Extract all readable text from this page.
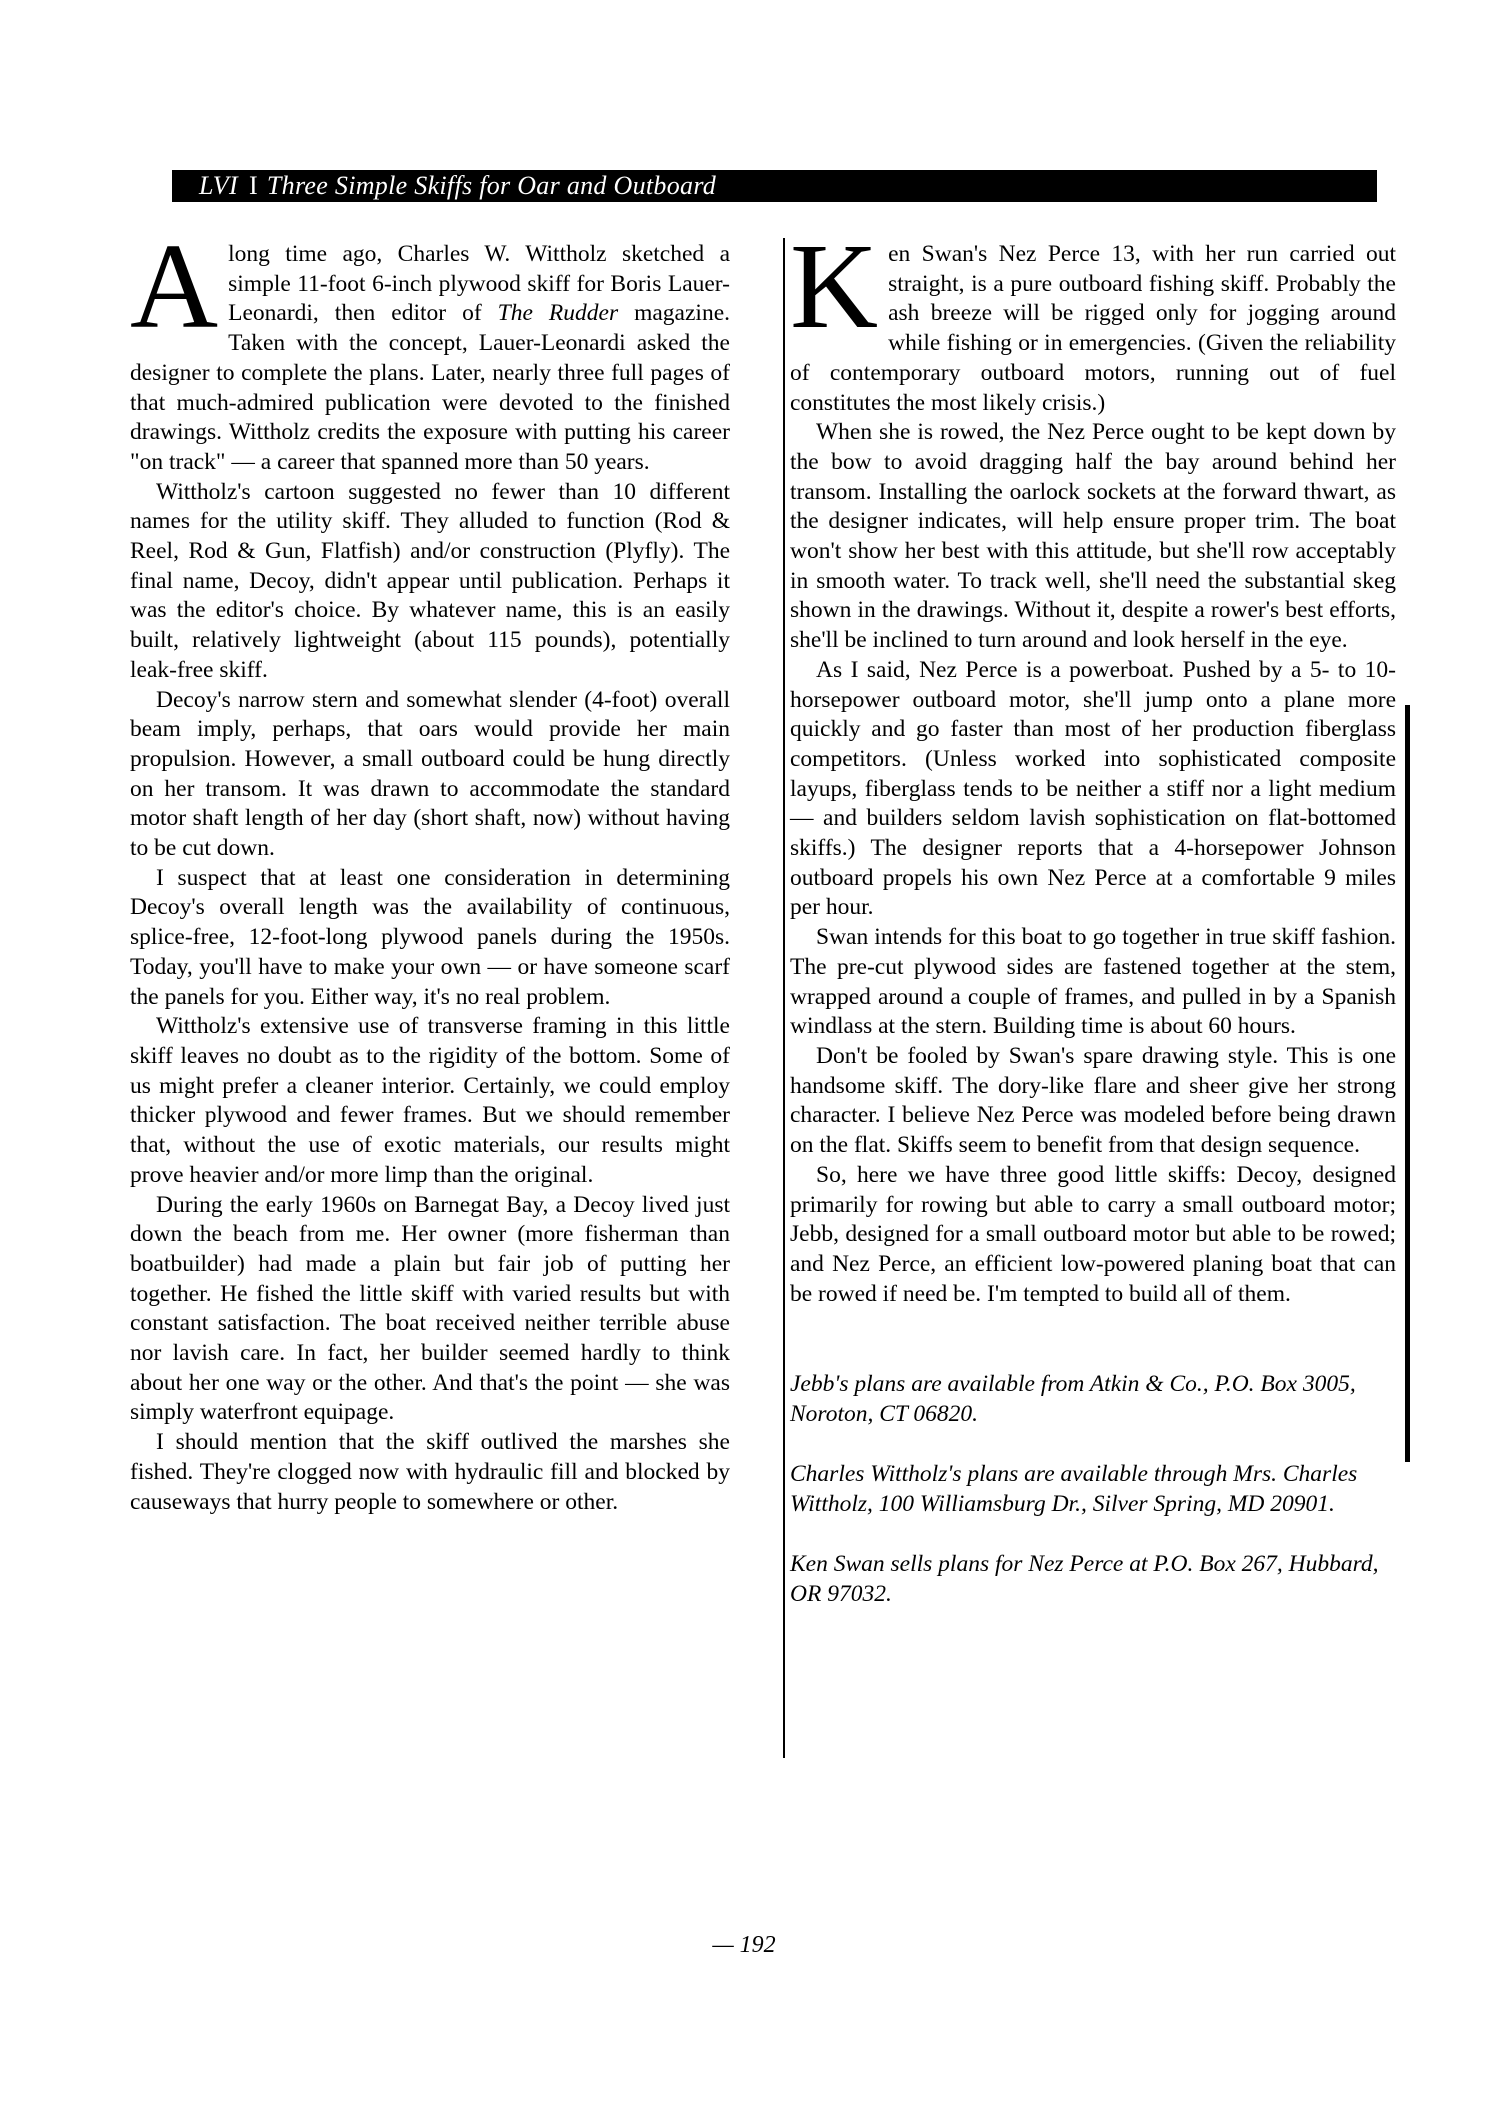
LVI I Three Simple Skiffs for Oar and Outboard

Along time ago, Charles W. Wittholz sketched a simple 11-foot 6-inch plywood skiff for Boris Lauer-Leonardi, then editor of The Rudder magazine. Taken with the concept, Lauer-Leonardi asked the designer to complete the plans. Later, nearly three full pages of that much-admired publication were devoted to the finished drawings. Wittholz credits the exposure with putting his career "on track" — a career that spanned more than 50 years.

Wittholz's cartoon suggested no fewer than 10 different names for the utility skiff. They alluded to function (Rod & Reel, Rod & Gun, Flatfish) and/or construction (Plyfly). The final name, Decoy, didn't appear until publication. Perhaps it was the editor's choice. By whatever name, this is an easily built, relatively lightweight (about 115 pounds), potentially leak-free skiff.

Decoy's narrow stern and somewhat slender (4-foot) overall beam imply, perhaps, that oars would provide her main propulsion. However, a small outboard could be hung directly on her transom. It was drawn to accommodate the standard motor shaft length of her day (short shaft, now) without having to be cut down.

I suspect that at least one consideration in determining Decoy's overall length was the availability of continuous, splice-free, 12-foot-long plywood panels during the 1950s. Today, you'll have to make your own — or have someone scarf the panels for you. Either way, it's no real problem.

Wittholz's extensive use of transverse framing in this little skiff leaves no doubt as to the rigidity of the bottom. Some of us might prefer a cleaner interior. Certainly, we could employ thicker plywood and fewer frames. But we should remember that, without the use of exotic materials, our results might prove heavier and/or more limp than the original.

During the early 1960s on Barnegat Bay, a Decoy lived just down the beach from me. Her owner (more fisherman than boatbuilder) had made a plain but fair job of putting her together. He fished the little skiff with varied results but with constant satisfaction. The boat received neither terrible abuse nor lavish care. In fact, her builder seemed hardly to think about her one way or the other. And that's the point — she was simply waterfront equipage.

I should mention that the skiff outlived the marshes she fished. They're clogged now with hydraulic fill and blocked by causeways that hurry people to somewhere or other.

Ken Swan's Nez Perce 13, with her run carried out straight, is a pure outboard fishing skiff. Probably the ash breeze will be rigged only for jogging around while fishing or in emergencies. (Given the reliability of contemporary outboard motors, running out of fuel constitutes the most likely crisis.)

When she is rowed, the Nez Perce ought to be kept down by the bow to avoid dragging half the bay around behind her transom. Installing the oarlock sockets at the forward thwart, as the designer indicates, will help ensure proper trim. The boat won't show her best with this attitude, but she'll row acceptably in smooth water. To track well, she'll need the substantial skeg shown in the drawings. Without it, despite a rower's best efforts, she'll be inclined to turn around and look herself in the eye.

As I said, Nez Perce is a powerboat. Pushed by a 5- to 10-horsepower outboard motor, she'll jump onto a plane more quickly and go faster than most of her production fiberglass competitors. (Unless worked into sophisticated composite layups, fiberglass tends to be neither a stiff nor a light medium — and builders seldom lavish sophistication on flat-bottomed skiffs.) The designer reports that a 4-horsepower Johnson outboard propels his own Nez Perce at a comfortable 9 miles per hour.

Swan intends for this boat to go together in true skiff fashion. The pre-cut plywood sides are fastened together at the stem, wrapped around a couple of frames, and pulled in by a Spanish windlass at the stern. Building time is about 60 hours.

Don't be fooled by Swan's spare drawing style. This is one handsome skiff. The dory-like flare and sheer give her strong character. I believe Nez Perce was modeled before being drawn on the flat. Skiffs seem to benefit from that design sequence.

So, here we have three good little skiffs: Decoy, designed primarily for rowing but able to carry a small outboard motor; Jebb, designed for a small outboard motor but able to be rowed; and Nez Perce, an efficient low-powered planing boat that can be rowed if need be. I'm tempted to build all of them.

Jebb's plans are available from Atkin & Co., P.O. Box 3005, Noroton, CT 06820.

Charles Wittholz's plans are available through Mrs. Charles Wittholz, 100 Williamsburg Dr., Silver Spring, MD 20901.

Ken Swan sells plans for Nez Perce at P.O. Box 267, Hubbard, OR 97032.

— 192
